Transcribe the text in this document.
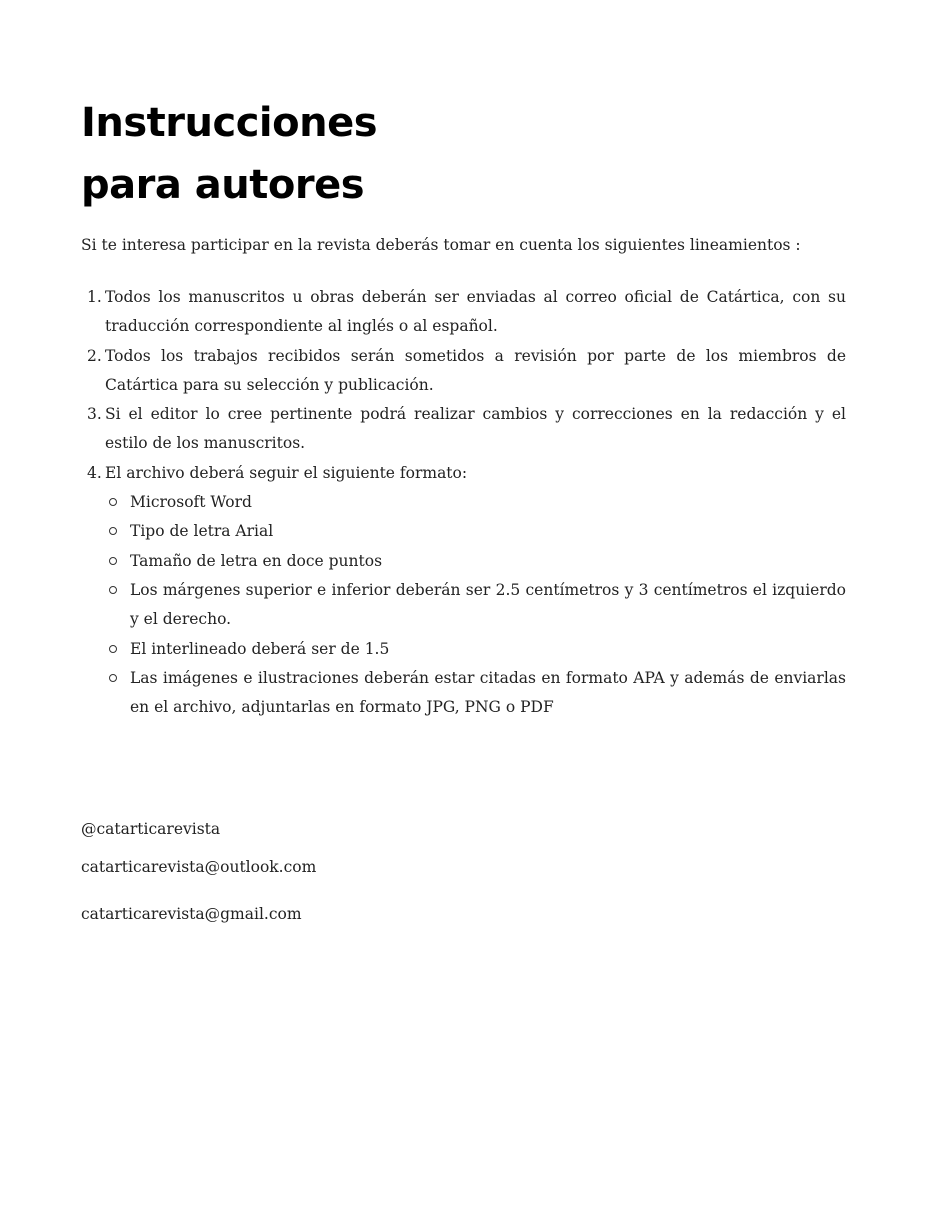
Instrucciones
para autores

Si te interesa participar en la revista deberás tomar en cuenta los siguientes lineamientos :

1. Todos los manuscritos u obras deberán ser enviadas al correo oficial de Catártica, con su traducción correspondiente al inglés o al español.
2. Todos los trabajos recibidos serán sometidos a revisión por parte de los miembros de Catártica para su selección y publicación.
3. Si el editor lo cree pertinente podrá realizar cambios y correcciones en la redacción y el estilo de los manuscritos.
4. El archivo deberá seguir el siguiente formato:
Microsoft Word
Tipo de letra Arial
Tamaño de letra en doce puntos
Los márgenes superior e inferior deberán ser 2.5 centímetros y 3 centímetros el izquierdo y el derecho.
El interlineado deberá ser de 1.5
Las imágenes e ilustraciones deberán estar citadas en formato APA y además de enviarlas en el archivo, adjuntarlas en formato JPG, PNG o PDF
@catarticarevista
catarticarevista@outlook.com
catarticarevista@gmail.com
